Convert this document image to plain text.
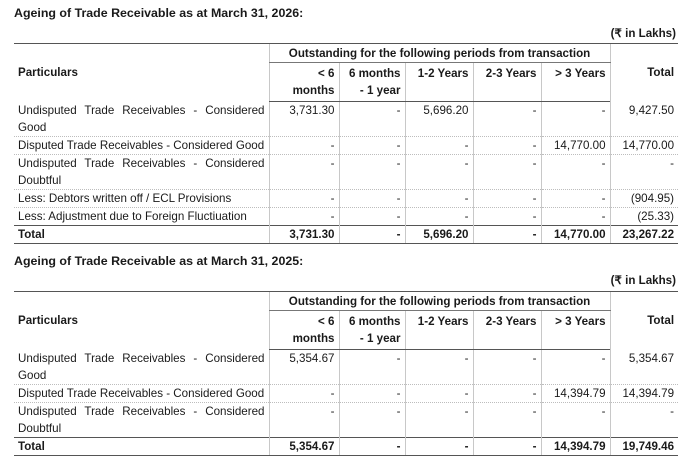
Ageing of Trade Receivable as at March 31, 2026:
(₹ in Lakhs)
Particulars	Outstanding for the following periods from transaction					Total
	< 6 months	6 months - 1 year	1-2 Years	2-3 Years	> 3 Years	
Undisputed Trade Receivables - Considered Good	3,731.30	-	5,696.20	-	-	9,427.50
Disputed Trade Receivables - Considered Good	-	-	-	-	14,770.00	14,770.00
Undisputed Trade Receivables - Considered Doubtful	-	-	-	-	-	-
Less: Debtors written off / ECL Provisions	-	-	-	-	-	(904.95)
Less: Adjustment due to Foreign Fluctiuation	-	-	-	-	-	(25.33)
Total	3,731.30	-	5,696.20	-	14,770.00	23,267.22
Ageing of Trade Receivable as at March 31, 2025:
(₹ in Lakhs)
Particulars	Outstanding for the following periods from transaction					Total
	< 6 months	6 months - 1 year	1-2 Years	2-3 Years	> 3 Years	
Undisputed Trade Receivables - Considered Good	5,354.67	-	-	-	-	5,354.67
Disputed Trade Receivables - Considered Good	-	-	-	-	14,394.79	14,394.79
Undisputed Trade Receivables - Considered Doubtful	-	-	-	-	-	-
Total	5,354.67	-	-	-	14,394.79	19,749.46
